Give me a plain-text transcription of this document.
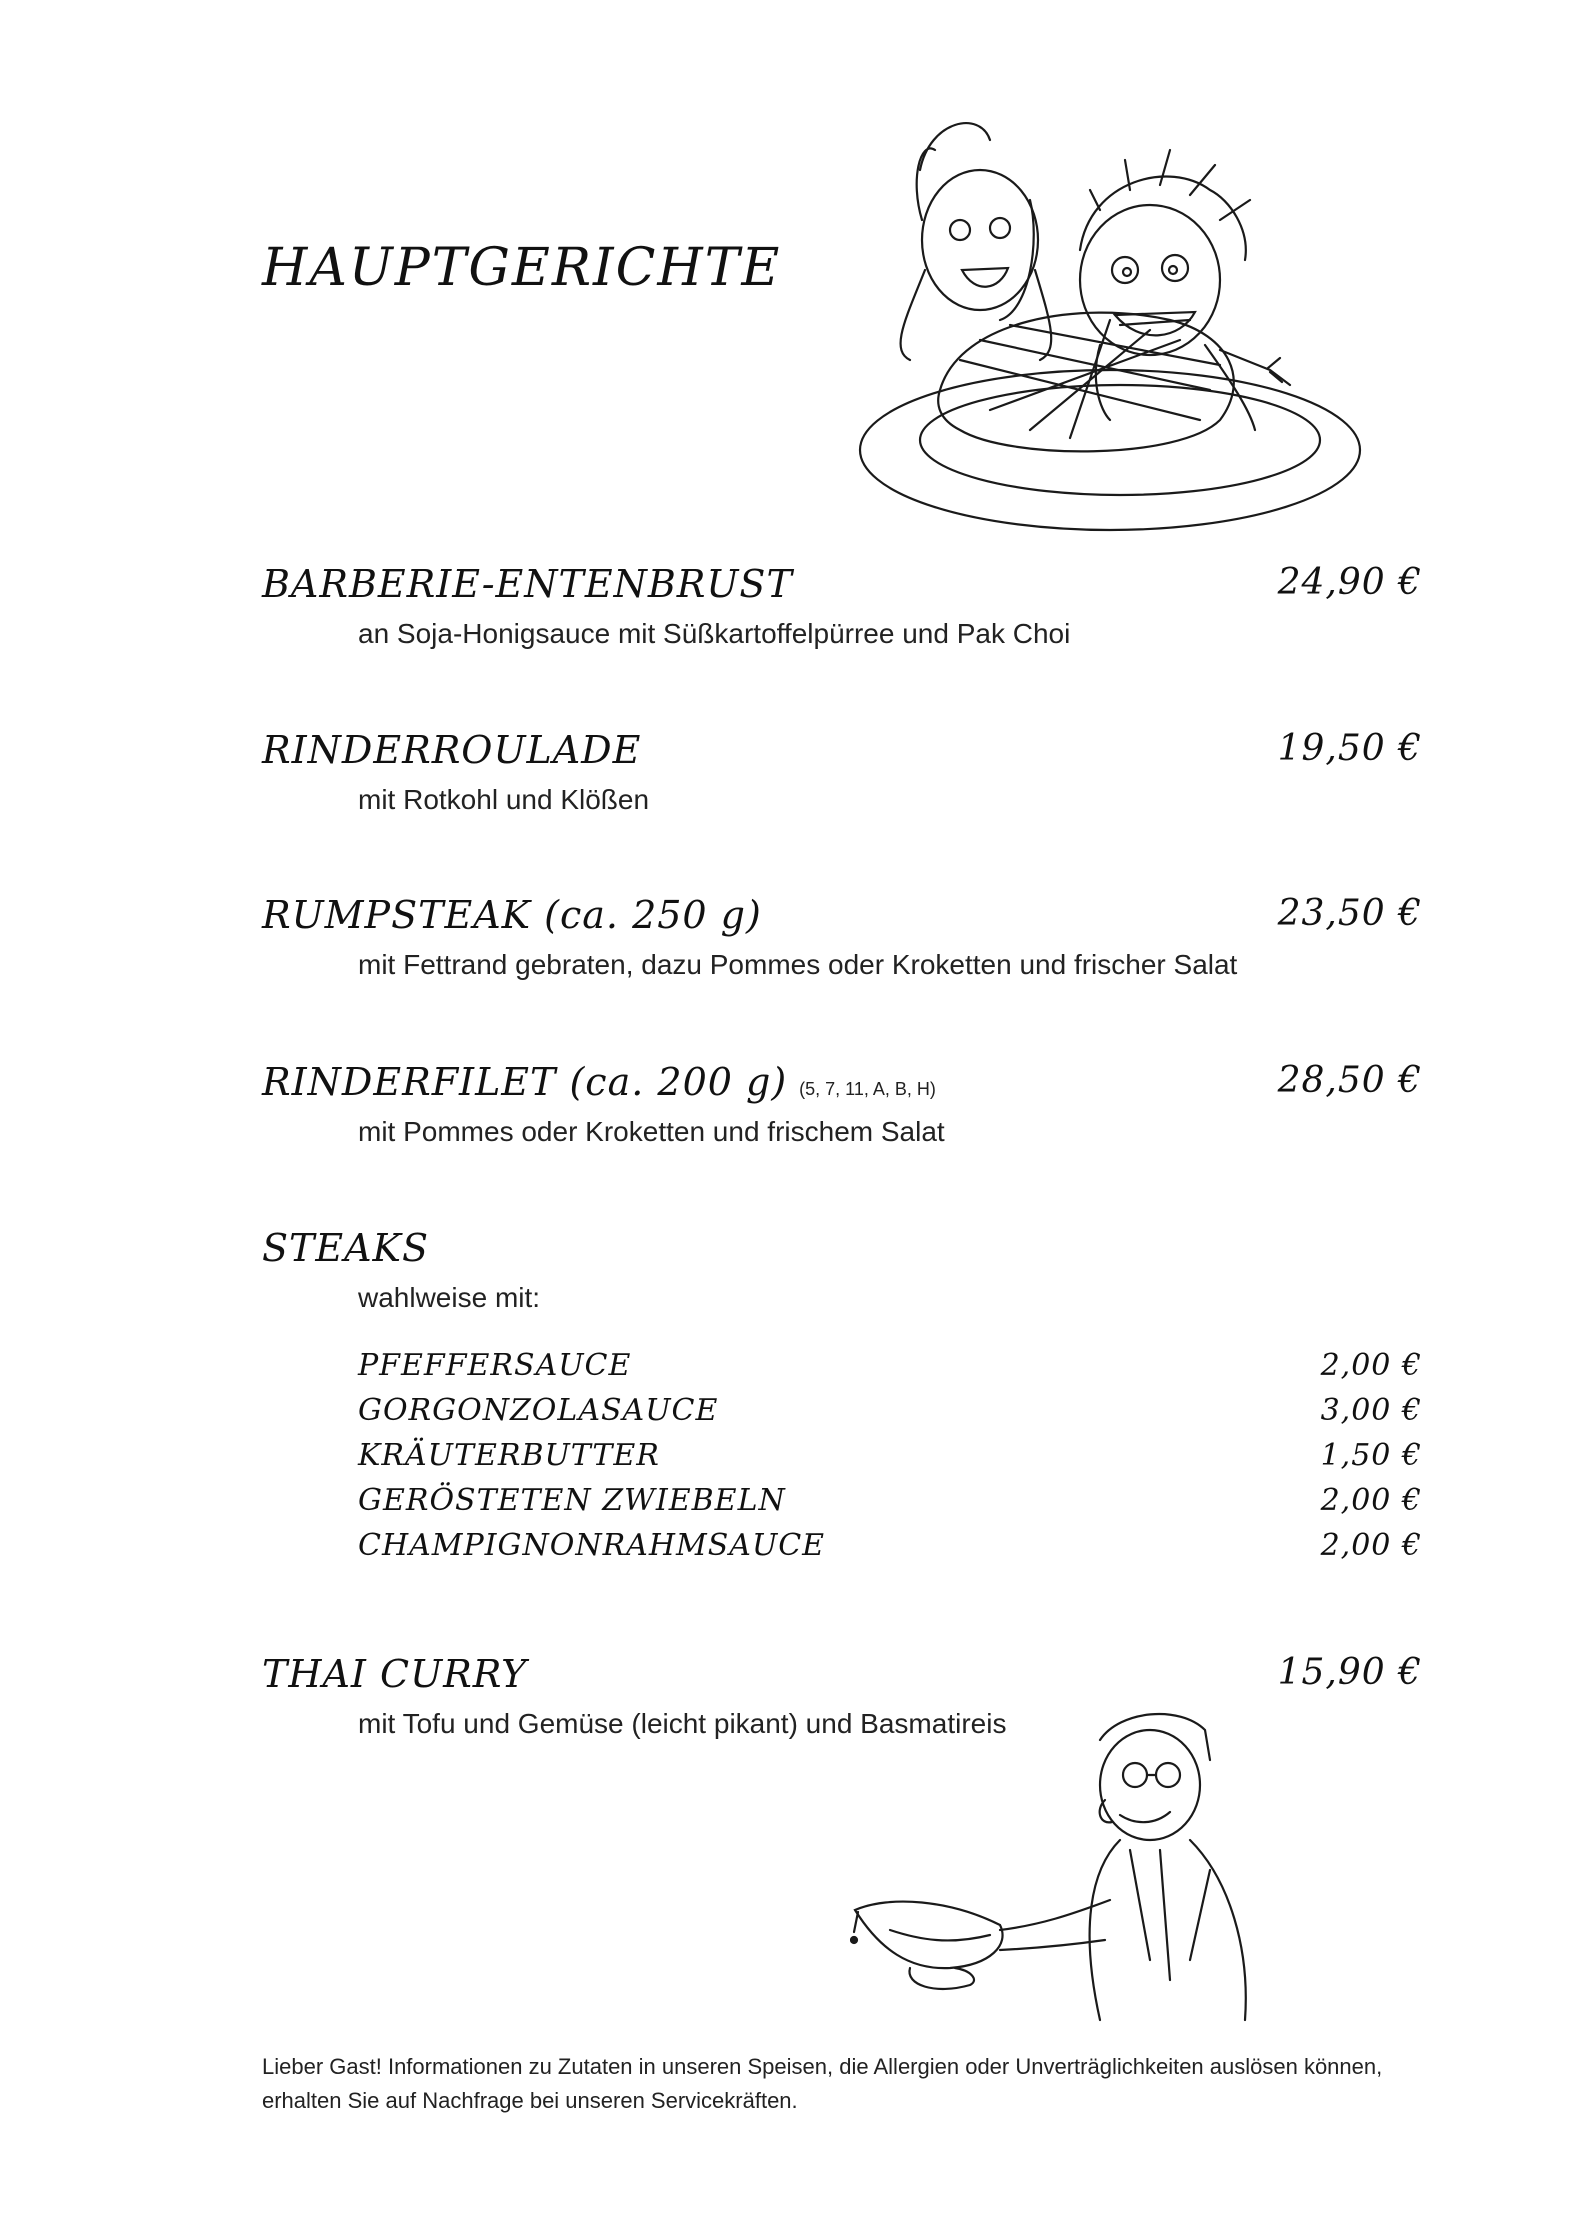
HAUPTGERICHTE
BARBERIE-ENTENBRUST	24,90 €
an Soja-Honigsauce mit Süßkartoffelpürree und Pak Choi
RINDERROULADE	19,50 €
mit Rotkohl und Klößen
RUMPSTEAK (ca. 250 g)	23,50 €
mit Fettrand gebraten, dazu Pommes oder Kroketten und frischer Salat
RINDERFILET (ca. 200 g) (5, 7, 11, A, B, H)	28,50 €
mit Pommes oder Kroketten und frischem Salat
STEAKS
wahlweise mit:
PFEFFERSAUCE	2,00 €
GORGONZOLASAUCE	3,00 €
KRÄUTERBUTTER	1,50 €
GERÖSTETEN ZWIEBELN	2,00 €
CHAMPIGNONRAHMSAUCE	2,00 €
THAI CURRY	15,90 €
mit Tofu und Gemüse (leicht pikant) und Basmatireis
Lieber Gast! Informationen zu Zutaten in unseren Speisen, die Allergien oder Unverträglichkeiten auslösen können, erhalten Sie auf Nachfrage bei unseren Servicekräften.
